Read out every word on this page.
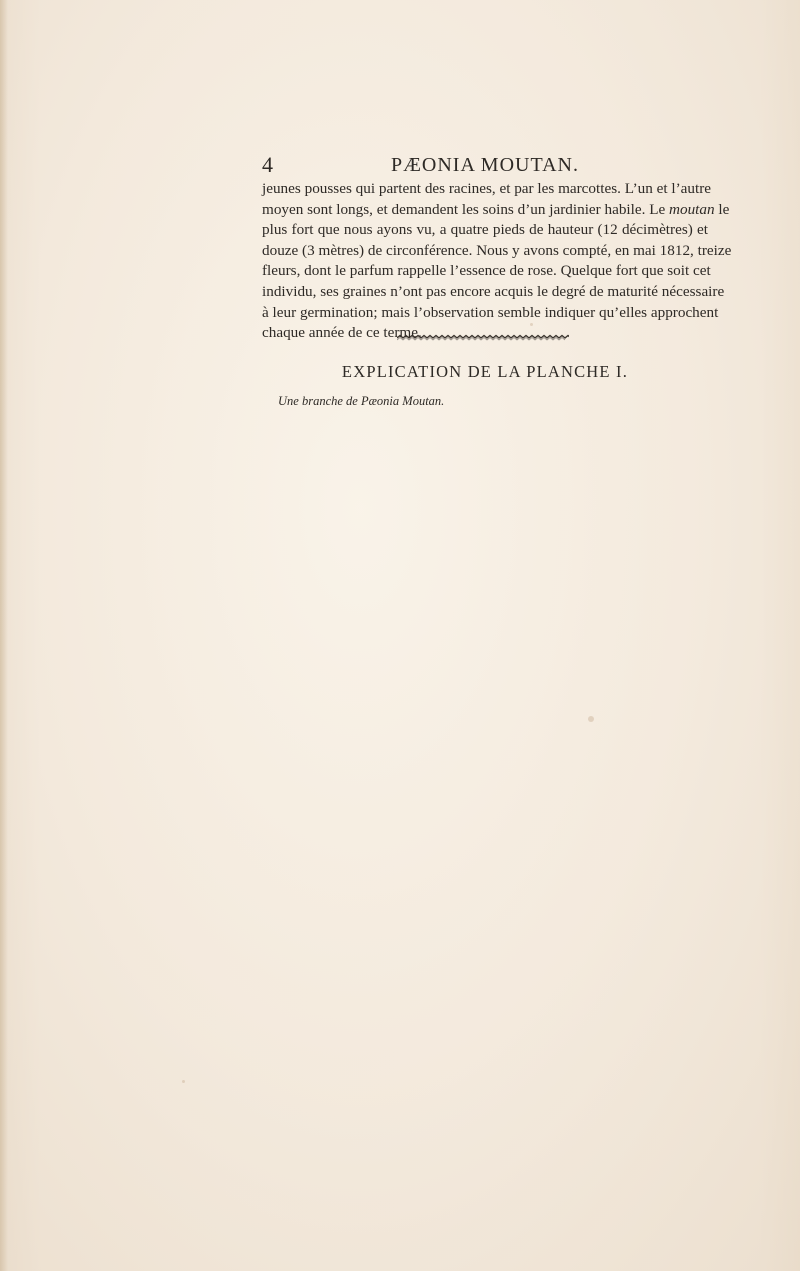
4	PÆONIA MOUTAN.
jeunes pousses qui partent des racines, et par les marcottes. L’un et l’autre
moyen sont longs, et demandent les soins d’un jardinier habile. Le moutan le
plus fort que nous ayons vu, a quatre pieds de hauteur (12 décimètres) et
douze (3 mètres) de circonférence. Nous y avons compté, en mai 1812, treize
fleurs, dont le parfum rappelle l’essence de rose. Quelque fort que soit cet
individu, ses graines n’ont pas encore acquis le degré de maturité nécessaire
à leur germination; mais l’observation semble indiquer qu’elles approchent
chaque année de ce terme.
EXPLICATION DE LA PLANCHE I.
Une branche de Pæonia Moutan.
